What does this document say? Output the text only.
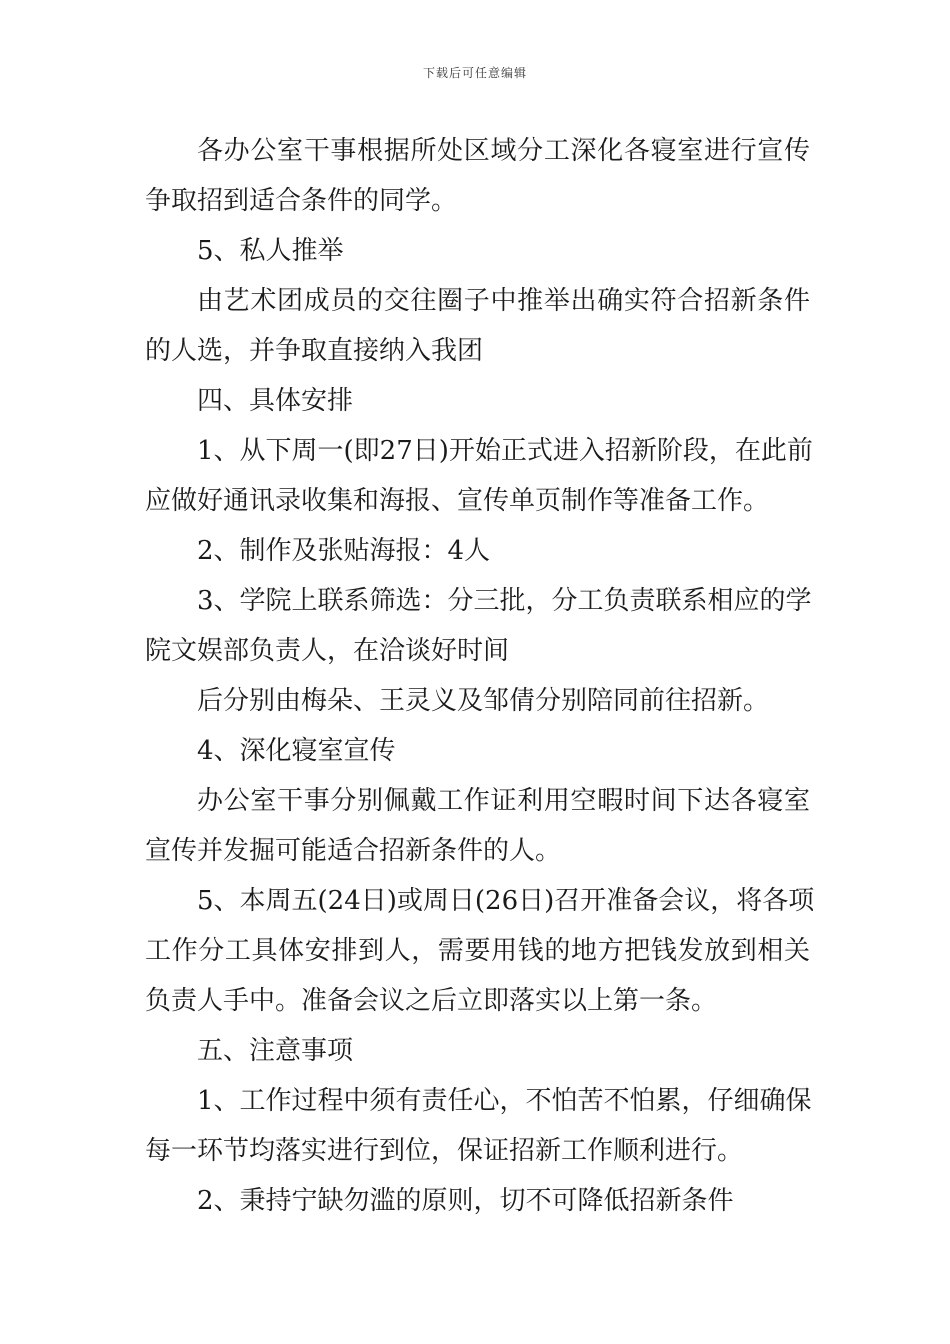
下载后可任意编辑
各办公室干事根据所处区域分工深化各寝室进行宣传
争取招到适合条件的同学。
5、私人推举
由艺术团成员的交往圈子中推举出确实符合招新条件
的人选，并争取直接纳入我团
四、具体安排
1、从下周一(即27日)开始正式进入招新阶段，在此前
应做好通讯录收集和海报、宣传单页制作等准备工作。
2、制作及张贴海报：4人
3、学院上联系筛选：分三批，分工负责联系相应的学
院文娱部负责人，在洽谈好时间
后分别由梅朵、王灵义及邹倩分别陪同前往招新。
4、深化寝室宣传
办公室干事分别佩戴工作证利用空暇时间下达各寝室
宣传并发掘可能适合招新条件的人。
5、本周五(24日)或周日(26日)召开准备会议，将各项
工作分工具体安排到人，需要用钱的地方把钱发放到相关
负责人手中。准备会议之后立即落实以上第一条。
五、注意事项
1、工作过程中须有责任心，不怕苦不怕累，仔细确保
每一环节均落实进行到位，保证招新工作顺利进行。
2、秉持宁缺勿滥的原则，切不可降低招新条件
